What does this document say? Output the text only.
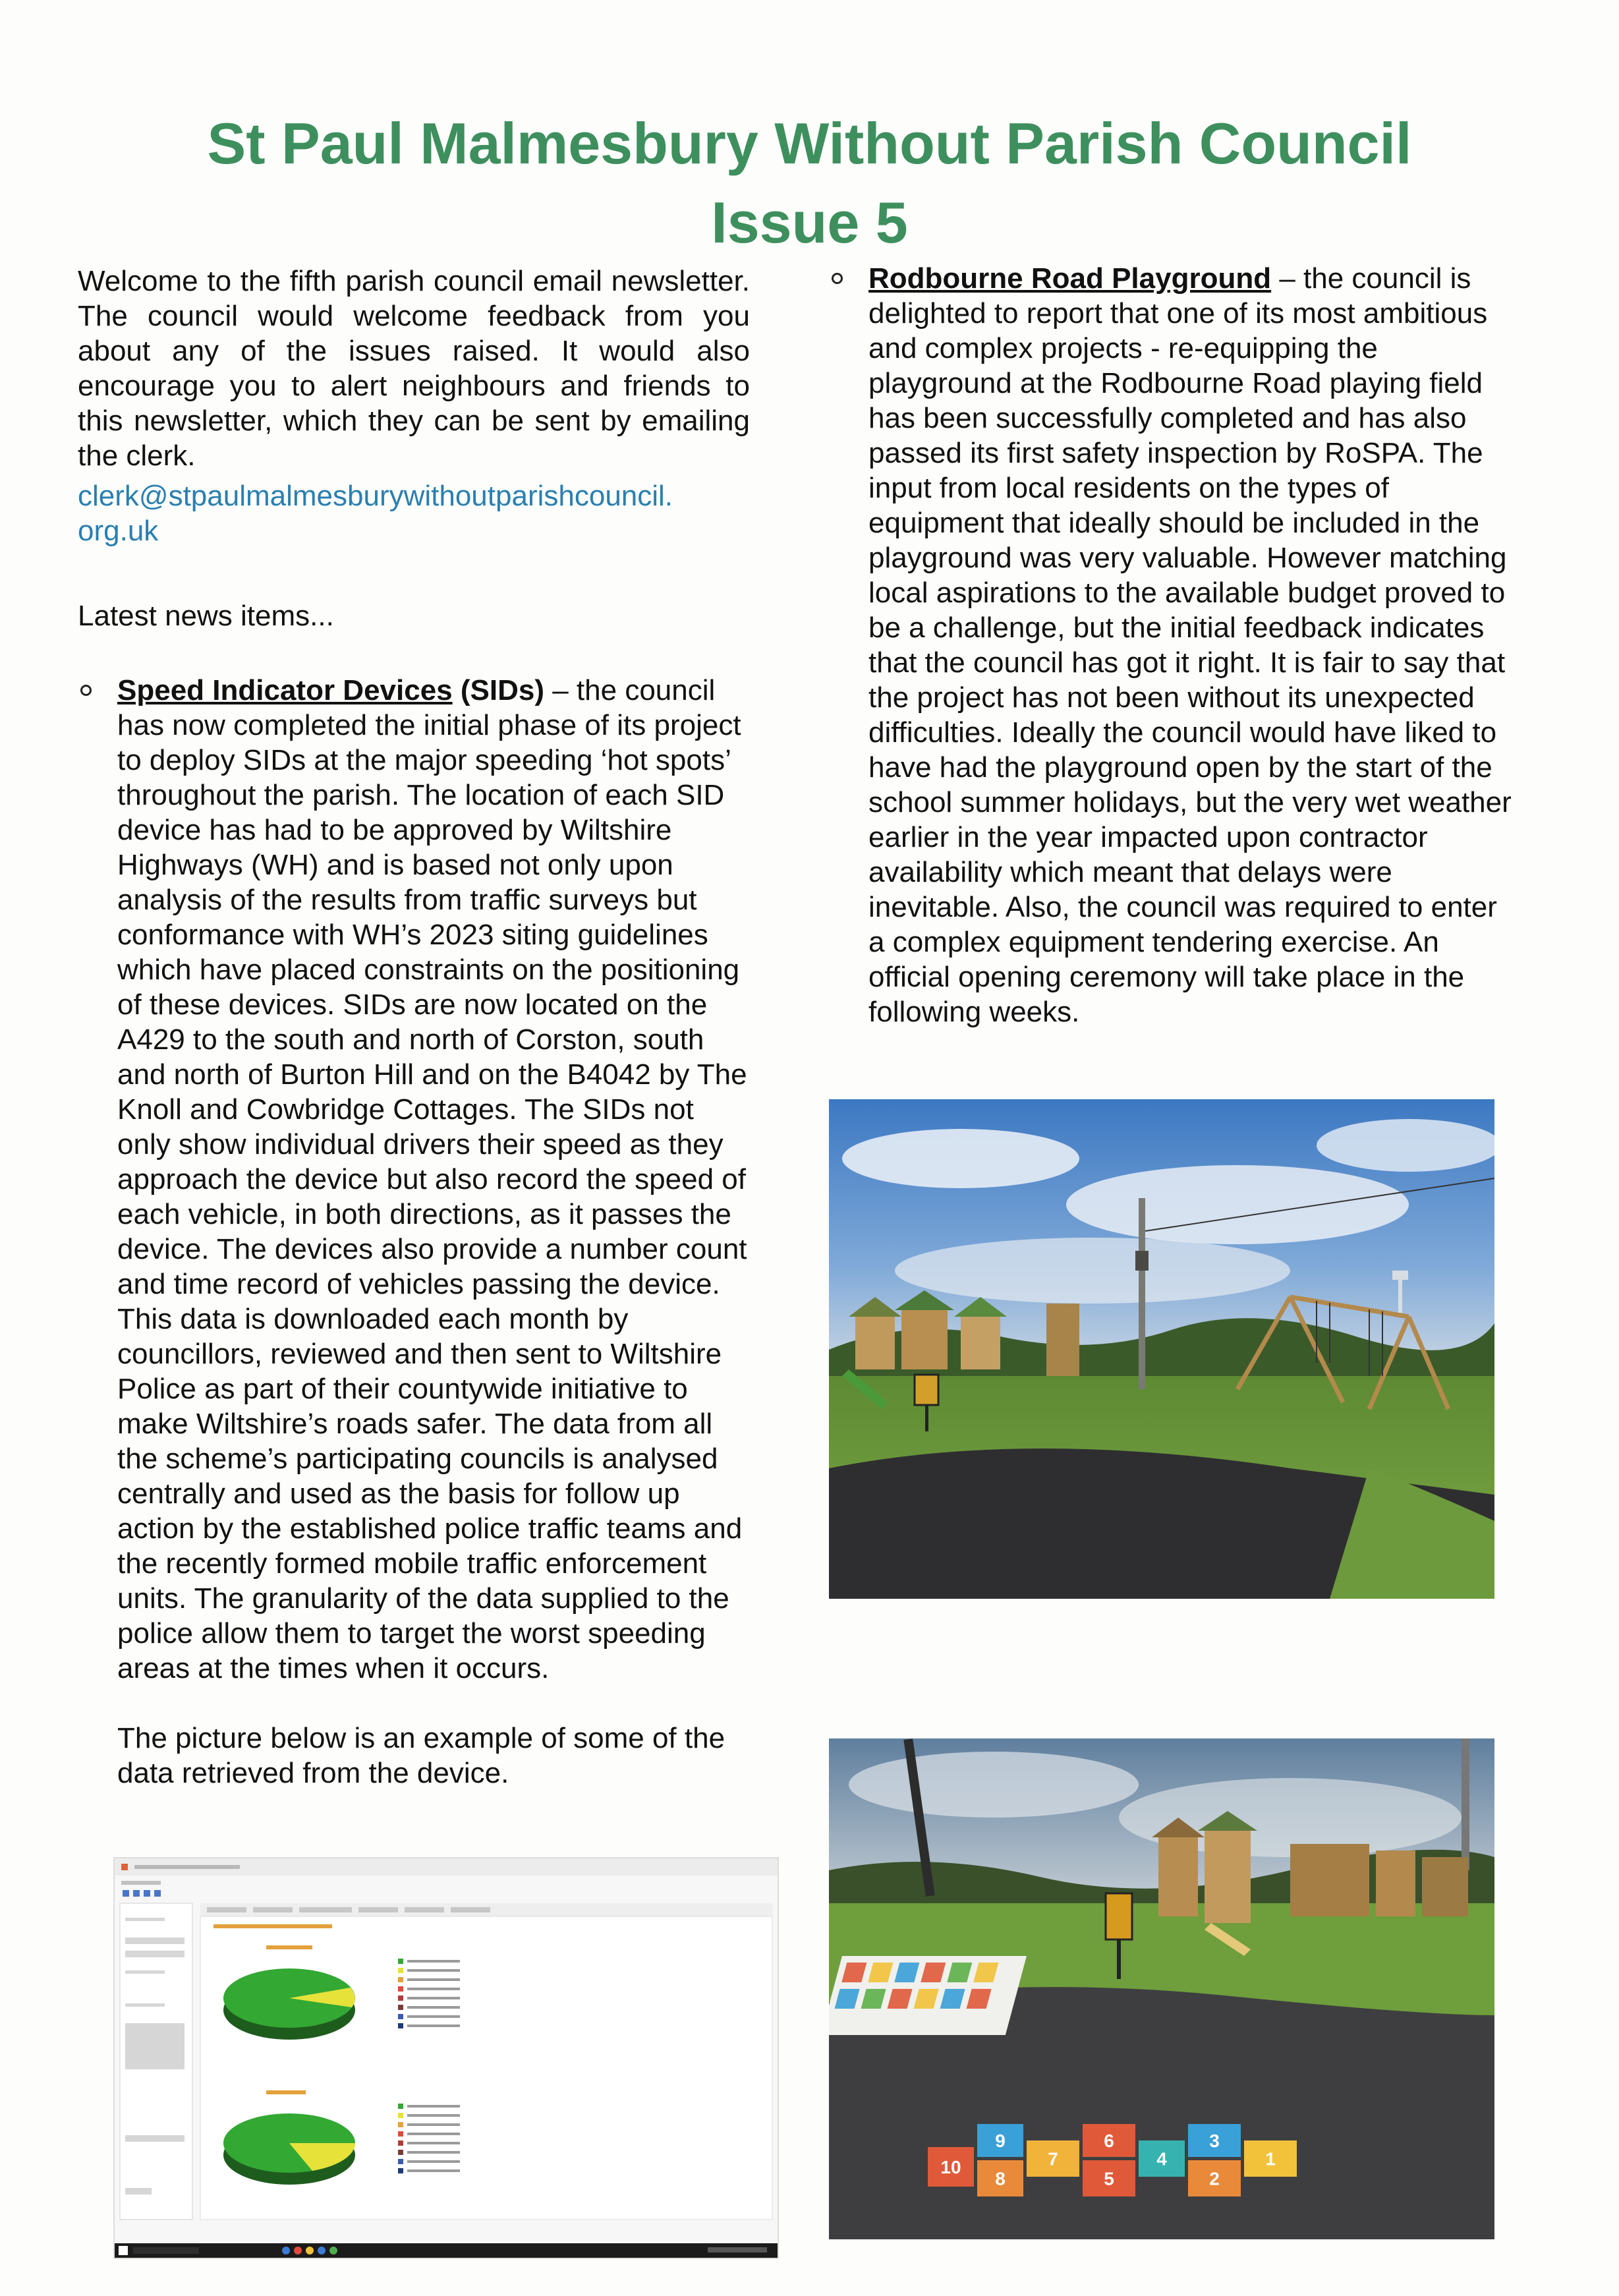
St Paul Malmesbury Without Parish Council
Issue 5

Welcome to the fifth parish council email newsletter. The council would welcome feedback from you about any of the issues raised. It would also encourage you to alert neighbours and friends to this newsletter, which they can be sent by emailing the clerk.

clerk@stpaulmalmesburywithoutparishcouncil.
org.uk

Latest news items...

Speed Indicator Devices (SIDs) – the council has now completed the initial phase of its project to deploy SIDs at the major speeding ‘hot spots’ throughout the parish. The location of each SID device has had to be approved by Wiltshire Highways (WH) and is based not only upon analysis of the results from traffic surveys but conformance with WH’s 2023 siting guidelines which have placed constraints on the positioning of these devices. SIDs are now located on the A429 to the south and north of Corston, south and north of Burton Hill and on the B4042 by The Knoll and Cowbridge Cottages. The SIDs not only show individual drivers their speed as they approach the device but also record the speed of each vehicle, in both directions, as it passes the device. The devices also provide a number count and time record of vehicles passing the device. This data is downloaded each month by councillors, reviewed and then sent to Wiltshire Police as part of their countywide initiative to make Wiltshire’s roads safer. The data from all the scheme’s participating councils is analysed centrally and used as the basis for follow up action by the established police traffic teams and the recently formed mobile traffic enforcement units. The granularity of the data supplied to the police allow them to target the worst speeding areas at the times when it occurs.

The picture below is an example of some of the data retrieved from the device.

Rodbourne Road Playground – the council is delighted to report that one of its most ambitious and complex projects - re-equipping the playground at the Rodbourne Road playing field has been successfully completed and has also passed its first safety inspection by RoSPA. The input from local residents on the types of equipment that ideally should be included in the playground was very valuable. However matching local aspirations to the available budget proved to be a challenge, but the initial feedback indicates that the council has got it right. It is fair to say that the project has not been without its unexpected difficulties. Ideally the council would have liked to have had the playground open by the start of the school summer holidays, but the very wet weather earlier in the year impacted upon contractor availability which meant that delays were inevitable. Also, the council was required to enter a complex equipment tendering exercise. An official opening ceremony will take place in the following weeks.

10
9
8
7
6
5
4
3
2
1
